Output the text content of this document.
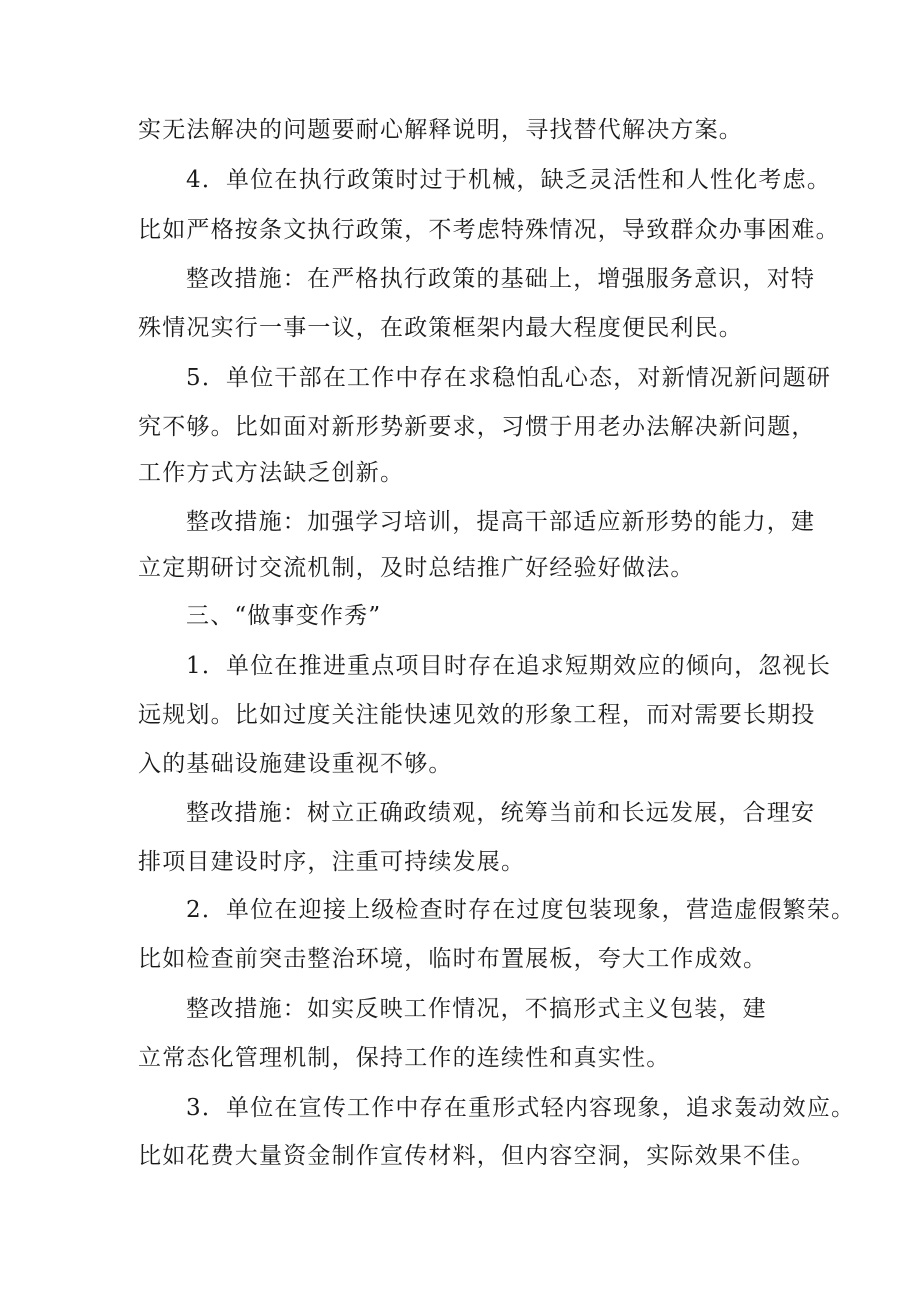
实无法解决的问题要耐心解释说明，寻找替代解决方案。
4．单位在执行政策时过于机械，缺乏灵活性和人性化考虑。
比如严格按条文执行政策，不考虑特殊情况，导致群众办事困难。
整改措施：在严格执行政策的基础上，增强服务意识，对特
殊情况实行一事一议，在政策框架内最大程度便民利民。
5．单位干部在工作中存在求稳怕乱心态，对新情况新问题研
究不够。比如面对新形势新要求，习惯于用老办法解决新问题，
工作方式方法缺乏创新。
整改措施：加强学习培训，提高干部适应新形势的能力，建
立定期研讨交流机制，及时总结推广好经验好做法。
三、“做事变作秀”
1．单位在推进重点项目时存在追求短期效应的倾向，忽视长
远规划。比如过度关注能快速见效的形象工程，而对需要长期投
入的基础设施建设重视不够。
整改措施：树立正确政绩观，统筹当前和长远发展，合理安
排项目建设时序，注重可持续发展。
2．单位在迎接上级检查时存在过度包装现象，营造虚假繁荣。
比如检查前突击整治环境，临时布置展板，夸大工作成效。
整改措施：如实反映工作情况，不搞形式主义包装，建
立常态化管理机制，保持工作的连续性和真实性。
3．单位在宣传工作中存在重形式轻内容现象，追求轰动效应。
比如花费大量资金制作宣传材料，但内容空洞，实际效果不佳。
